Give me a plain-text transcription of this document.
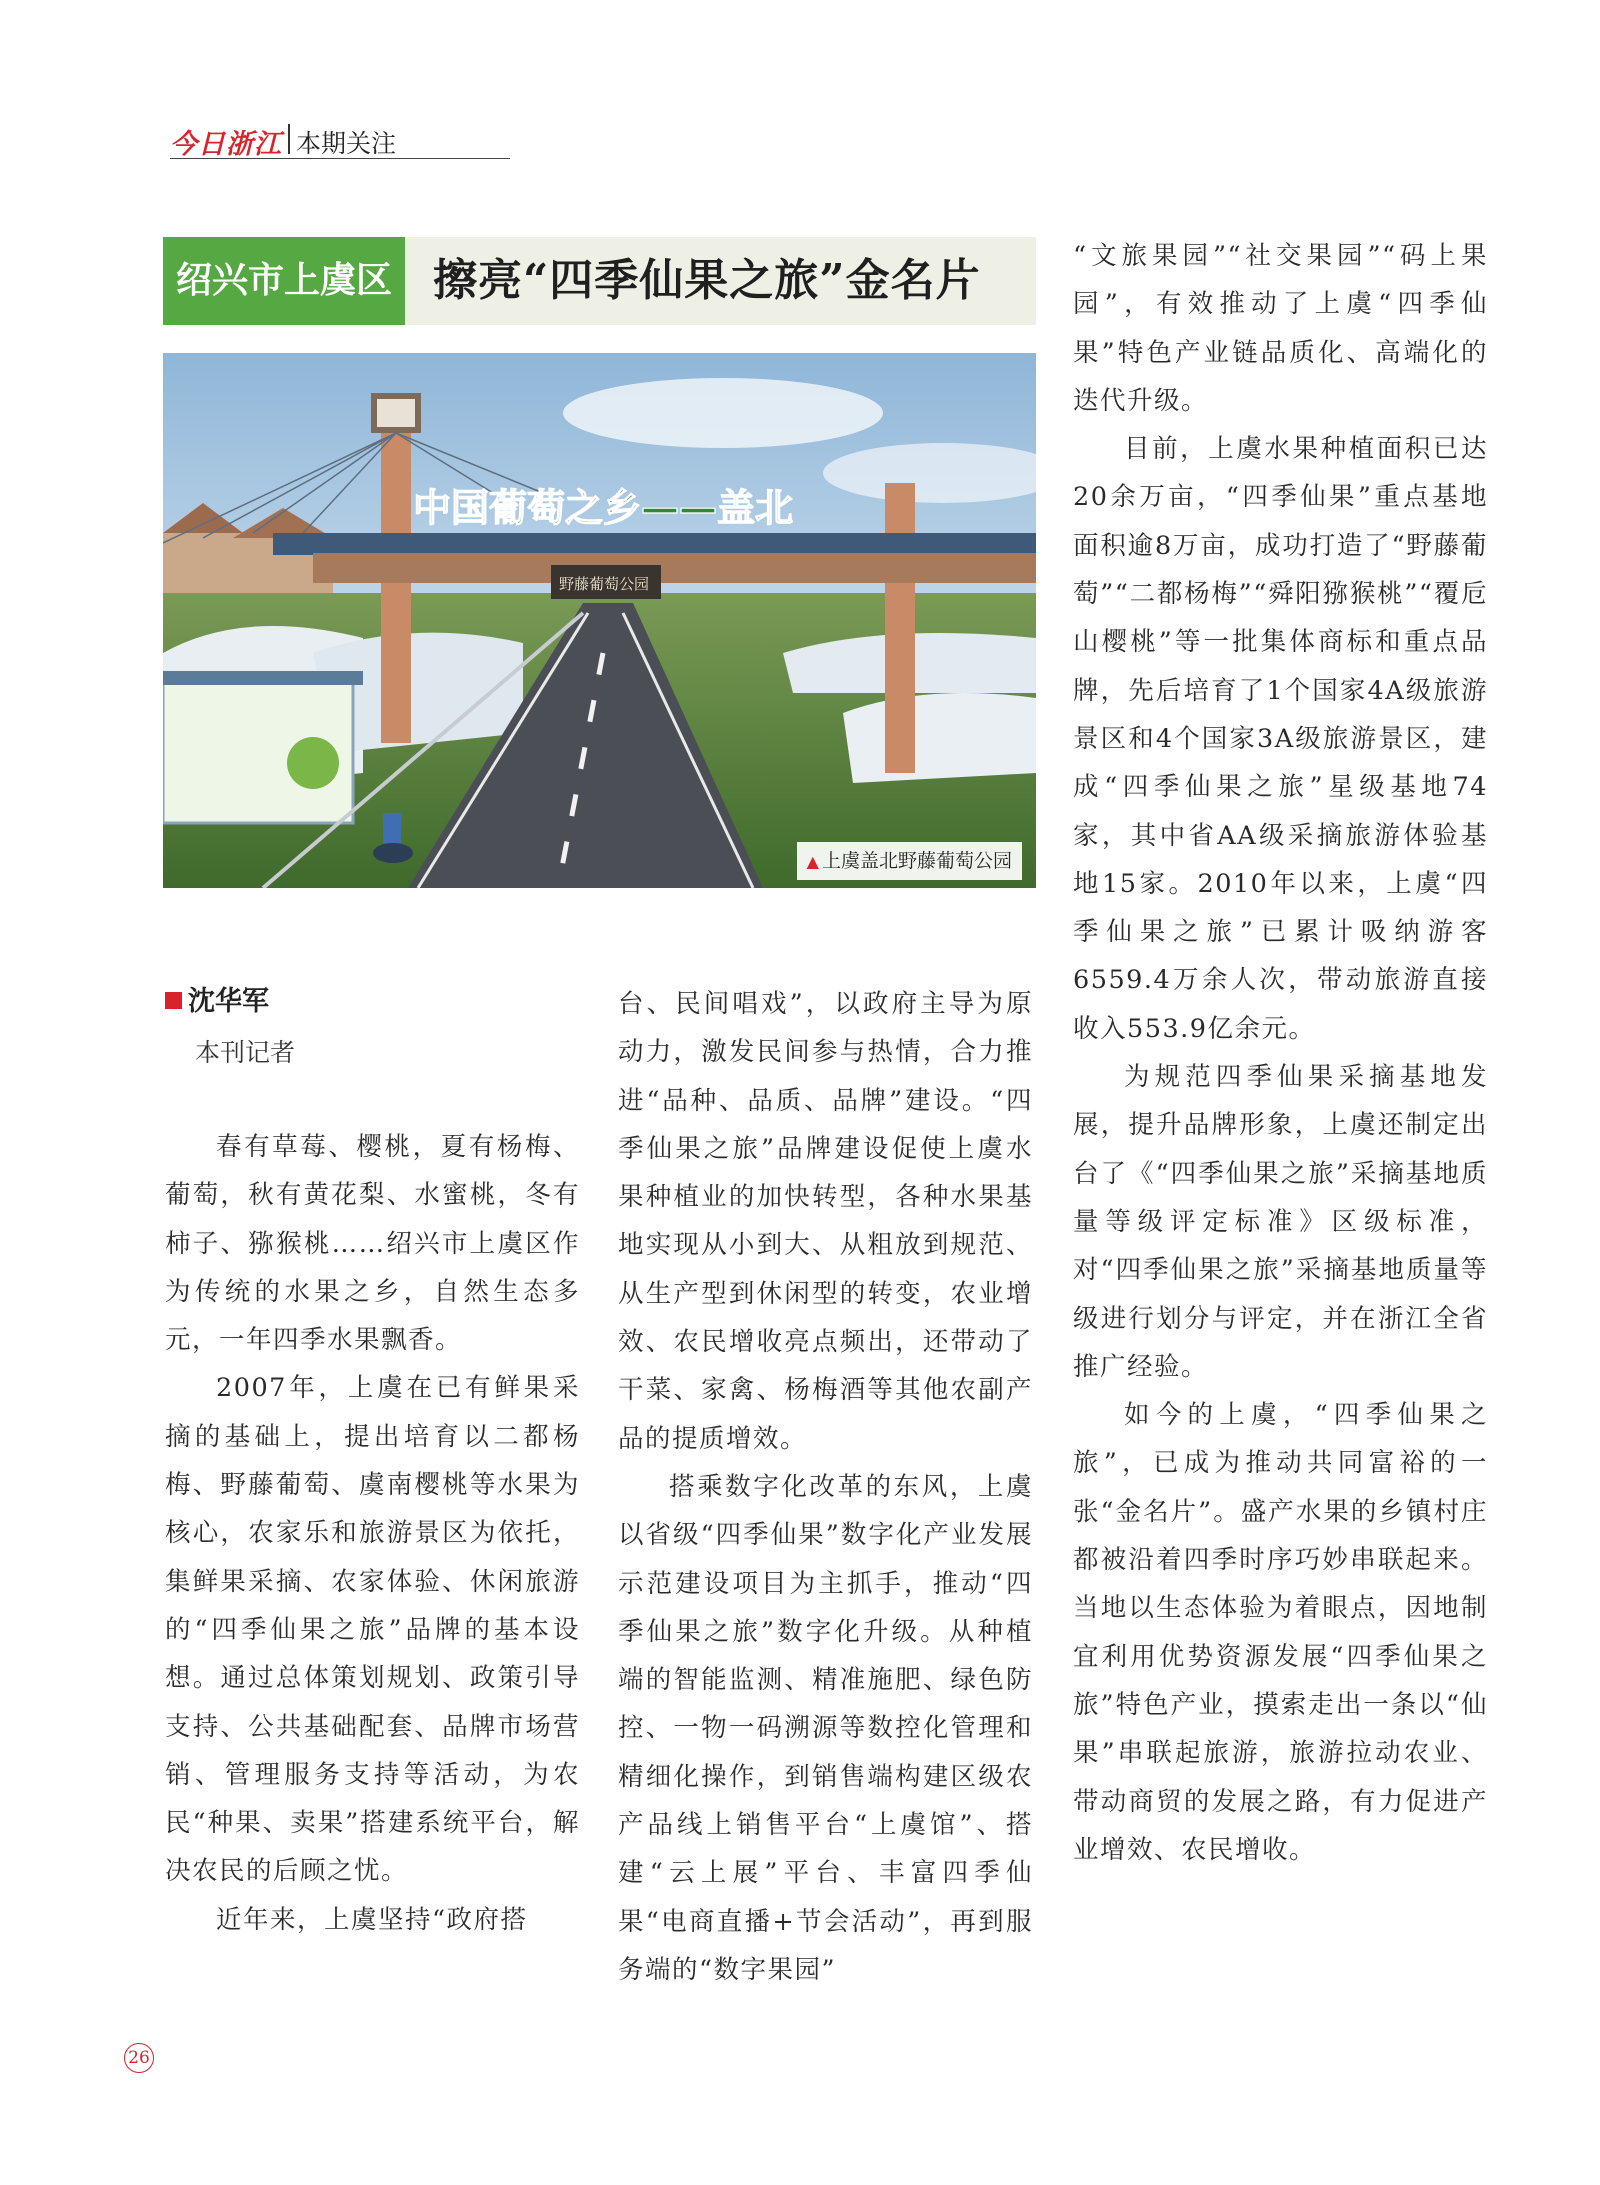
今日浙江 本期关注
绍兴市上虞区 擦亮“四季仙果之旅”金名片
中国葡萄之乡——盖北
野藤葡萄公园
▲ 上虞盖北野藤葡萄公园
沈华军
本刊记者

春有草莓、樱桃，夏有杨梅、葡萄，秋有黄花梨、水蜜桃，冬有柿子、猕猴桃……绍兴市上虞区作为传统的水果之乡，自然生态多元，一年四季水果飘香。

2007年，上虞在已有鲜果采摘的基础上，提出培育以二都杨梅、野藤葡萄、虞南樱桃等水果为核心，农家乐和旅游景区为依托，集鲜果采摘、农家体验、休闲旅游的“四季仙果之旅”品牌的基本设想。通过总体策划规划、政策引导支持、公共基础配套、品牌市场营销、管理服务支持等活动，为农民“种果、卖果”搭建系统平台，解决农民的后顾之忧。

近年来，上虞坚持“政府搭

台、民间唱戏”，以政府主导为原动力，激发民间参与热情，合力推进“品种、品质、品牌”建设。“四季仙果之旅”品牌建设促使上虞水果种植业的加快转型，各种水果基地实现从小到大、从粗放到规范、从生产型到休闲型的转变，农业增效、农民增收亮点频出，还带动了干菜、家禽、杨梅酒等其他农副产品的提质增效。

搭乘数字化改革的东风，上虞以省级“四季仙果”数字化产业发展示范建设项目为主抓手，推动“四季仙果之旅”数字化升级。从种植端的智能监测、精准施肥、绿色防控、一物一码溯源等数控化管理和精细化操作，到销售端构建区级农产品线上销售平台“上虞馆”、搭建“云上展”平台、丰富四季仙果“电商直播+节会活动”，再到服务端的“数字果园”

“文旅果园”“社交果园”“码上果园”，有效推动了上虞“四季仙果”特色产业链品质化、高端化的迭代升级。

目前，上虞水果种植面积已达20余万亩，“四季仙果”重点基地面积逾8万亩，成功打造了“野藤葡萄”“二都杨梅”“舜阳猕猴桃”“覆卮山樱桃”等一批集体商标和重点品牌，先后培育了1个国家4A级旅游景区和4个国家3A级旅游景区，建成“四季仙果之旅”星级基地74家，其中省AA级采摘旅游体验基地15家。2010年以来，上虞“四季仙果之旅”已累计吸纳游客6559.4万余人次，带动旅游直接收入553.9亿余元。

为规范四季仙果采摘基地发展，提升品牌形象，上虞还制定出台了《“四季仙果之旅”采摘基地质量等级评定标准》区级标准，对“四季仙果之旅”采摘基地质量等级进行划分与评定，并在浙江全省推广经验。

如今的上虞，“四季仙果之旅”，已成为推动共同富裕的一张“金名片”。盛产水果的乡镇村庄都被沿着四季时序巧妙串联起来。当地以生态体验为着眼点，因地制宜利用优势资源发展“四季仙果之旅”特色产业，摸索走出一条以“仙果”串联起旅游，旅游拉动农业、带动商贸的发展之路，有力促进产业增效、农民增收。

26
